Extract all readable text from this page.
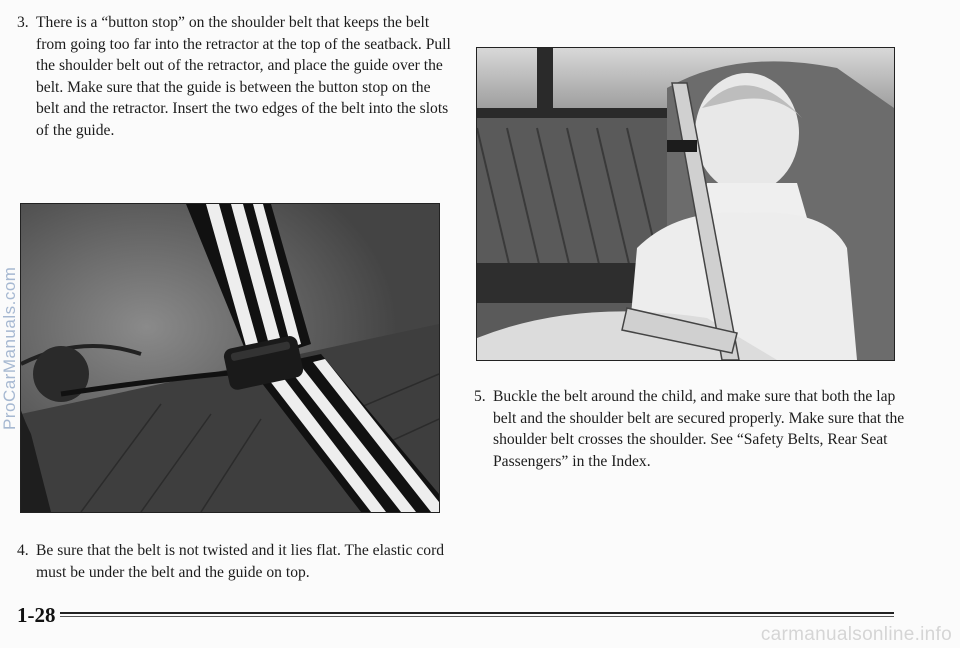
3. There is a “button stop” on the shoulder belt that keeps the belt from going too far into the retractor at the top of the seatback. Pull the shoulder belt out of the retractor, and place the guide over the belt. Make sure that the guide is between the button stop on the belt and the retractor. Insert the two edges of the belt into the slots of the guide.
4. Be sure that the belt is not twisted and it lies flat. The elastic cord must be under the belt and the guide on top.
5. Buckle the belt around the child, and make sure that both the lap belt and the shoulder belt are secured properly. Make sure that the shoulder belt crosses the shoulder. See “Safety Belts, Rear Seat Passengers” in the Index.
1-28
ProCarManuals.com
carmanualsonline.info
